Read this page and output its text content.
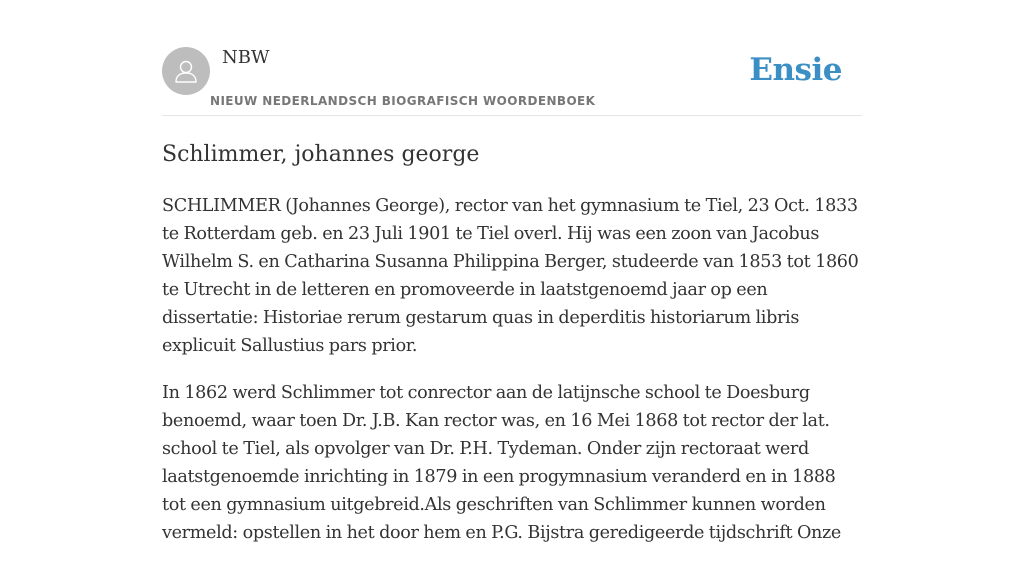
NBW
NIEUW NEDERLANDSCH BIOGRAFISCH WOORDENBOEK
Ensie
Schlimmer, johannes george

SCHLIMMER (Johannes George), rector van het gymnasium te Tiel, 23 Oct. 1833 te Rotterdam geb. en 23 Juli 1901 te Tiel overl. Hij was een zoon van Jacobus Wilhelm S. en Catharina Susanna Philippina Berger, studeerde van 1853 tot 1860 te Utrecht in de letteren en promoveerde in laatstgenoemd jaar op een dissertatie: Historiae rerum gestarum quas in deperditis historiarum libris explicuit Sallustius pars prior.

In 1862 werd Schlimmer tot conrector aan de latijnsche school te Doesburg benoemd, waar toen Dr. J.B. Kan rector was, en 16 Mei 1868 tot rector der lat. school te Tiel, als opvolger van Dr. P.H. Tydeman. Onder zijn rectoraat werd laatstgenoemde inrichting in 1879 in een progymnasium veranderd en in 1888 tot een gymnasium uitgebreid.Als geschriften van Schlimmer kunnen worden vermeld: opstellen in het door hem en P.G. Bijstra geredigeerde tijdschrift Onze
